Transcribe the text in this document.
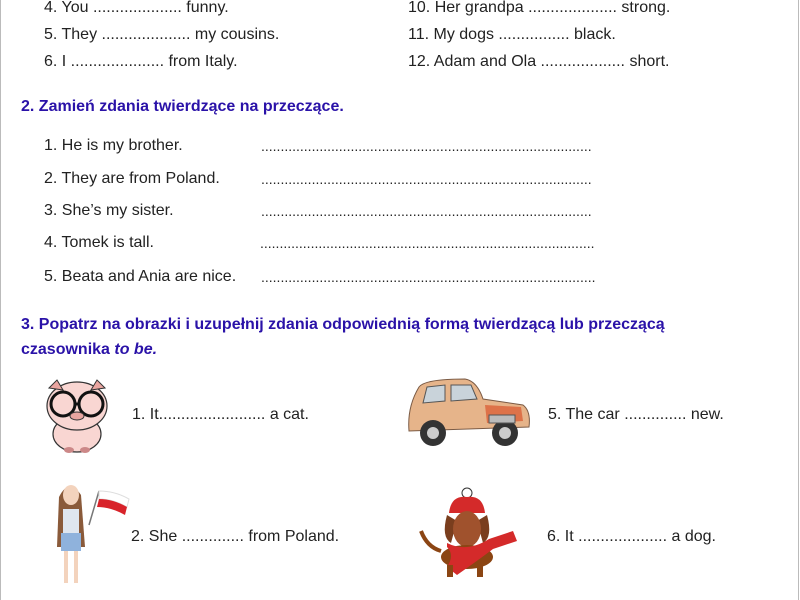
4. You .................... funny.
5. They .................... my cousins.
6. I ..................... from Italy.
10. Her grandpa .................... strong.
11. My dogs ................ black.
12. Adam and Ola ................... short.
2. Zamień zdania twierdzące na przeczące.
1. He is my brother.	.....................................................................................
2. They are from Poland.	.....................................................................................
3. She’s my sister.	.....................................................................................
4. Tomek is tall.	......................................................................................
5. Beata and Ania are nice. ......................................................................................
3. Popatrz na obrazki i uzupełnij zdania odpowiednią formą twierdzącą lub przeczącą
czasownika to be.
1. It........................ a cat.
2. She .............. from Poland.
5. The car .............. new.
6. It .................... a dog.
